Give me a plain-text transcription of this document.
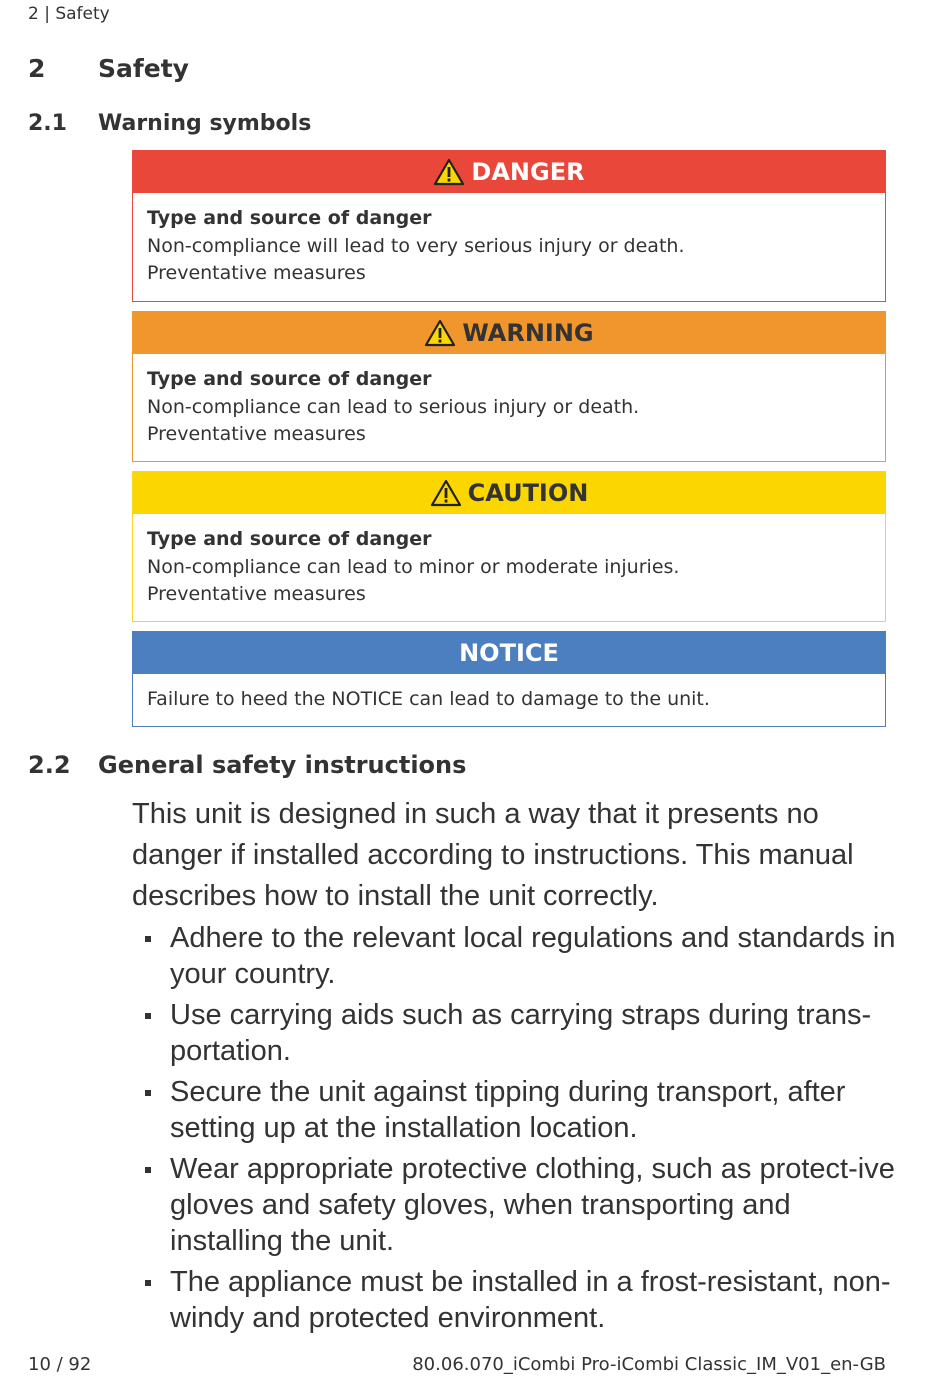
2 | Safety
2 Safety
2.1 Warning symbols
DANGER
Type and source of danger
Non-compliance will lead to very serious injury or death.
Preventative measures
WARNING
Type and source of danger
Non-compliance can lead to serious injury or death.
Preventative measures
CAUTION
Type and source of danger
Non-compliance can lead to minor or moderate injuries.
Preventative measures
NOTICE
Failure to heed the NOTICE can lead to damage to the unit.
2.2 General safety instructions

This unit is designed in such a way that it presents no danger if installed according to instructions. This manual describes how to install the unit correctly.

Adhere to the relevant local regulations and standards in your country.
Use carrying aids such as carrying straps during trans-portation.
Secure the unit against tipping during transport, after setting up at the installation location.
Wear appropriate protective clothing, such as protect-ive gloves and safety gloves, when transporting and installing the unit.
The appliance must be installed in a frost-resistant, non-windy and protected environment.
10 / 92	80.06.070_iCombi Pro-iCombi Classic_IM_V01_en-GB
